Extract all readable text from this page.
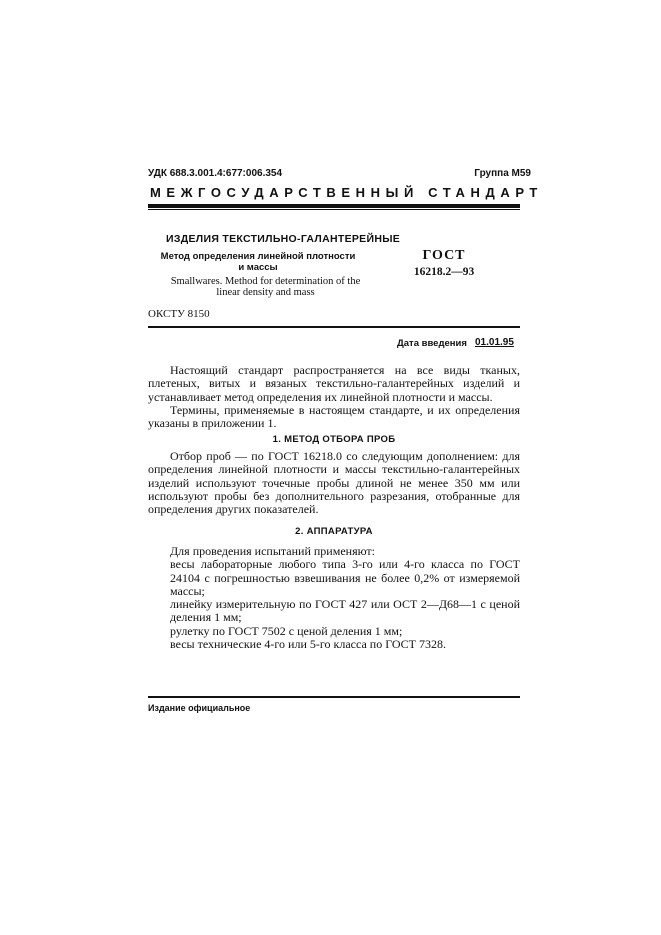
УДК 688.3.001.4:677:006.354	Группа М59
МЕЖГОСУДАРСТВЕННЫЙ СТАНДАРТ
ИЗДЕЛИЯ ТЕКСТИЛЬНО-ГАЛАНТЕРЕЙНЫЕ
Метод определения линейной плотности
и массы
Smallwares. Method for determination of the
linear density and mass
ГОСТ
16218.2—93
ОКСТУ 8150
Дата введения 01.01.95
Настоящий стандарт распространяется на все виды тканых, плетеных, витых и вязаных текстильно-галантерейных изделий и устанавливает метод определения их линейной плотности и массы.
Термины, применяемые в настоящем стандарте, и их определения указаны в приложении 1.
1. МЕТОД ОТБОРА ПРОБ
Отбор проб — по ГОСТ 16218.0 со следующим дополнением: для определения линейной плотности и массы текстильно-галантерейных изделий используют точечные пробы длиной не менее 350 мм или используют пробы без дополнительного разрезания, отобранные для определения других показателей.
2. АППАРАТУРА
Для проведения испытаний применяют:
весы лабораторные любого типа 3-го или 4-го класса по ГОСТ 24104 с погрешностью взвешивания не более 0,2% от измеряемой массы;
линейку измерительную по ГОСТ 427 или ОСТ 2—Д68—1 с ценой деления 1 мм;
рулетку по ГОСТ 7502 с ценой деления 1 мм;
весы технические 4-го или 5-го класса по ГОСТ 7328.
Издание официальное
